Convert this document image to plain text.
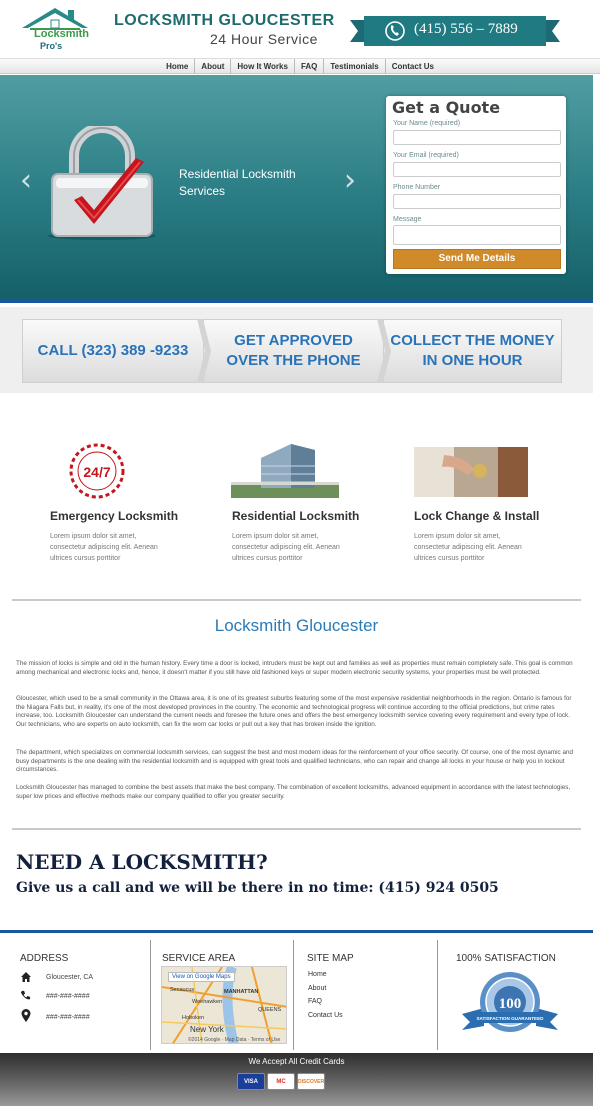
Locksmith
Pro's
LOCKSMITH GLOUCESTER
24 Hour Service
(415) 556 – 7889
Home About How It Works FAQ Testimonials Contact Us
‹	›
Residential Locksmith Services
Get a Quote
Your Name (required)
Your Email (required)
Phone Number
Message
Send Me Details
CALL (323) 389 -9233
GET APPROVED
OVER THE PHONE
COLLECT THE MONEY
IN ONE HOUR
24/7
Emergency Locksmith	Residential Locksmith	Lock Change & Install
Lorem ipsum dolor sit amet, consectetur adipiscing elit. Aenean ultrices cursus porttitor
Lorem ipsum dolor sit amet, consectetur adipiscing elit. Aenean ultrices cursus porttitor
Lorem ipsum dolor sit amet, consectetur adipiscing elit. Aenean ultrices cursus porttitor
Locksmith Gloucester
The mission of locks is simple and old in the human history. Every time a door is locked, intruders must be kept out and families as well as properties must remain completely safe. This goal is common among mechanical and electronic locks and, hence, it doesn't matter if you still have old fashioned keys or super modern electronic security systems, your properties must be well protected.
Gloucester, which used to be a small community in the Ottawa area, it is one of its greatest suburbs featuring some of the most expensive residential neighborhoods in the region. Ontario is famous for the Niagara Falls but, in reality, it's one of the most developed provinces in the country. The economic and technological progress will continue according to the official predictions, but crime rates increase, too. Locksmith Gloucester can understand the current needs and foresee the future ones and offers the best emergency locksmith service covering every requirement and every type of lock. Our technicians, who are experts on auto locksmith, can fix the worn car locks or pull out a key that has broken inside the ignition.
The department, which specializes on commercial locksmith services, can suggest the best and most modern ideas for the reinforcement of your office security. Of course, one of the most dynamic and busy departments is the one dealing with the residential locksmith and is equipped with great tools and qualified technicians, who can repair and change all locks in your house or help you in lockout circumstances.
Locksmith Gloucester has managed to combine the best assets that make the best company. The combination of excellent locksmiths, advanced equipment in accordance with the latest technologies, super low prices and effective methods make our company qualified to offer you greater security.
NEED A LOCKSMITH?
Give us a call and we will be there in no time: (415) 924 0505
ADDRESS
Gloucester, CA
###-###-####
###-###-####
SERVICE AREA
View on Google Maps
Secaucus	MANHATTAN
Weehawken
Hoboken
QUEENS
New York
©2014 Google · Map Data · Terms of Use
SITE MAP
Home
About
FAQ
Contact Us
100% SATISFACTION
100
SATISFACTION GUARANTEED
We Accept All Credit Cards
VISA	MC	DISCOVER
